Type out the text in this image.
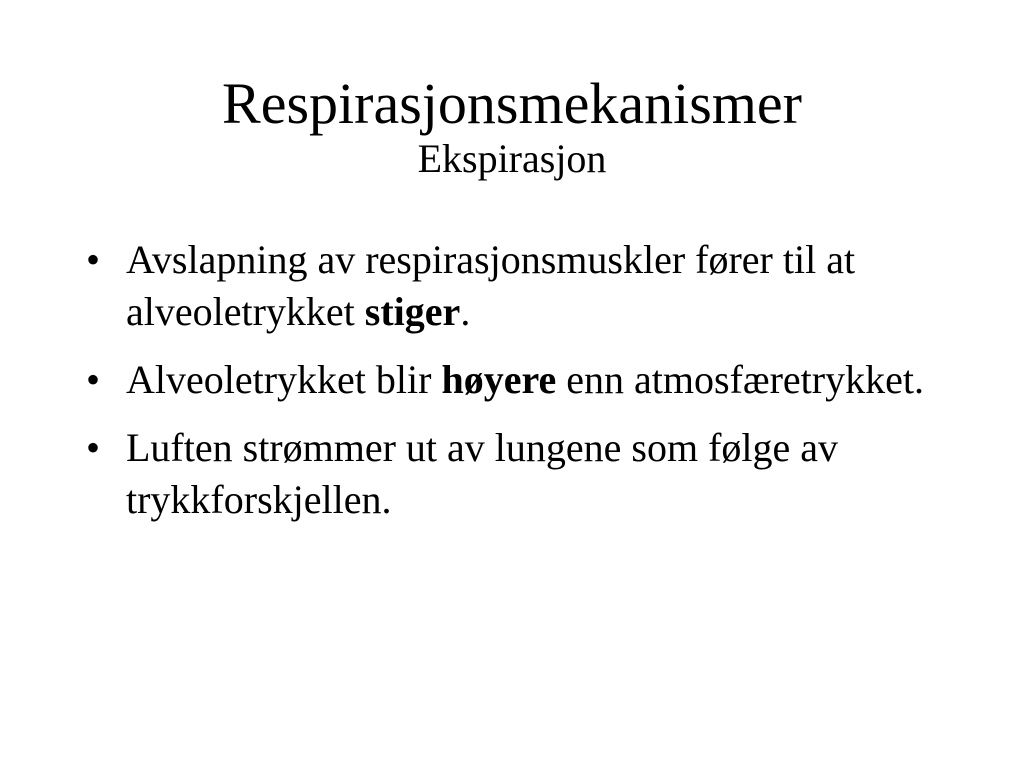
Respirasjonsmekanismer
Ekspirasjon
• Avslapning av respirasjonsmuskler fører til at alveoletrykket stiger.
• Alveoletrykket blir høyere enn atmosfæretrykket.
• Luften strømmer ut av lungene som følge av trykkforskjellen.
